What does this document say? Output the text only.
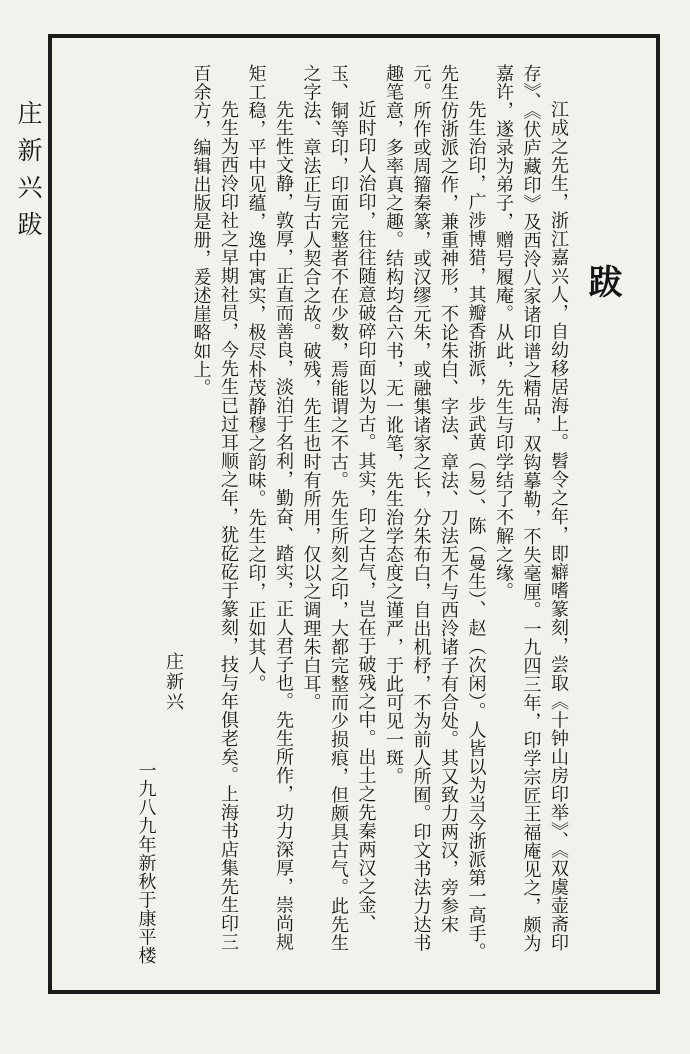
庄新兴跋
跋

江成之先生，浙江嘉兴人，自幼移居海上。髫令之年，即癖嗜篆刻，尝取《十钟山房印举》、《双虞壶斋印存》、《伏庐藏印》及西泠八家诸印谱之精品，双钩摹勒，不失毫厘。一九四三年，印学宗匠王福庵见之，颇为嘉许，遂录为弟子，赠号履庵。从此，先生与印学结了不解之缘。

先生治印，广涉博猎，其瓣香浙派，步武黄（易）、陈（曼生）、赵（次闲）。人皆以为当今浙派第一高手。先生仿浙派之作，兼重神形，不论朱白、字法、章法、刀法无不与西泠诸子有合处。其又致力两汉，旁参宋元。所作或周籀秦篆，或汉缪元朱，或融集诸家之长，分朱布白，自出机杼，不为前人所囿。印文书法力达书趣笔意，多率真之趣。结构均合六书，无一讹笔，先生治学态度之谨严，于此可见一斑。

近时印人治印，往往随意破碎印面以为古。其实，印之古气，岂在于破残之中。出土之先秦两汉之金、玉、铜等印，印面完整者不在少数，焉能谓之不古。先生所刻之印，大都完整而少损痕，但颇具古气。此先生之字法、章法正与古人契合之故。破残，先生也时有所用，仅以之调理朱白耳。

先生性文静，敦厚，正直而善良，淡泊于名利，勤奋、踏实，正人君子也。先生所作，功力深厚，崇尚规矩工稳，平中见蕴，逸中寓实，极尽朴茂静穆之韵味。先生之印，正如其人。

先生为西泠印社之早期社员，今先生已过耳顺之年，犹矻矻于篆刻，技与年俱老矣。上海书店集先生印三百余方，编辑出版是册，爰述崖略如上。

庄新兴

一九八九年新秋于康平楼
